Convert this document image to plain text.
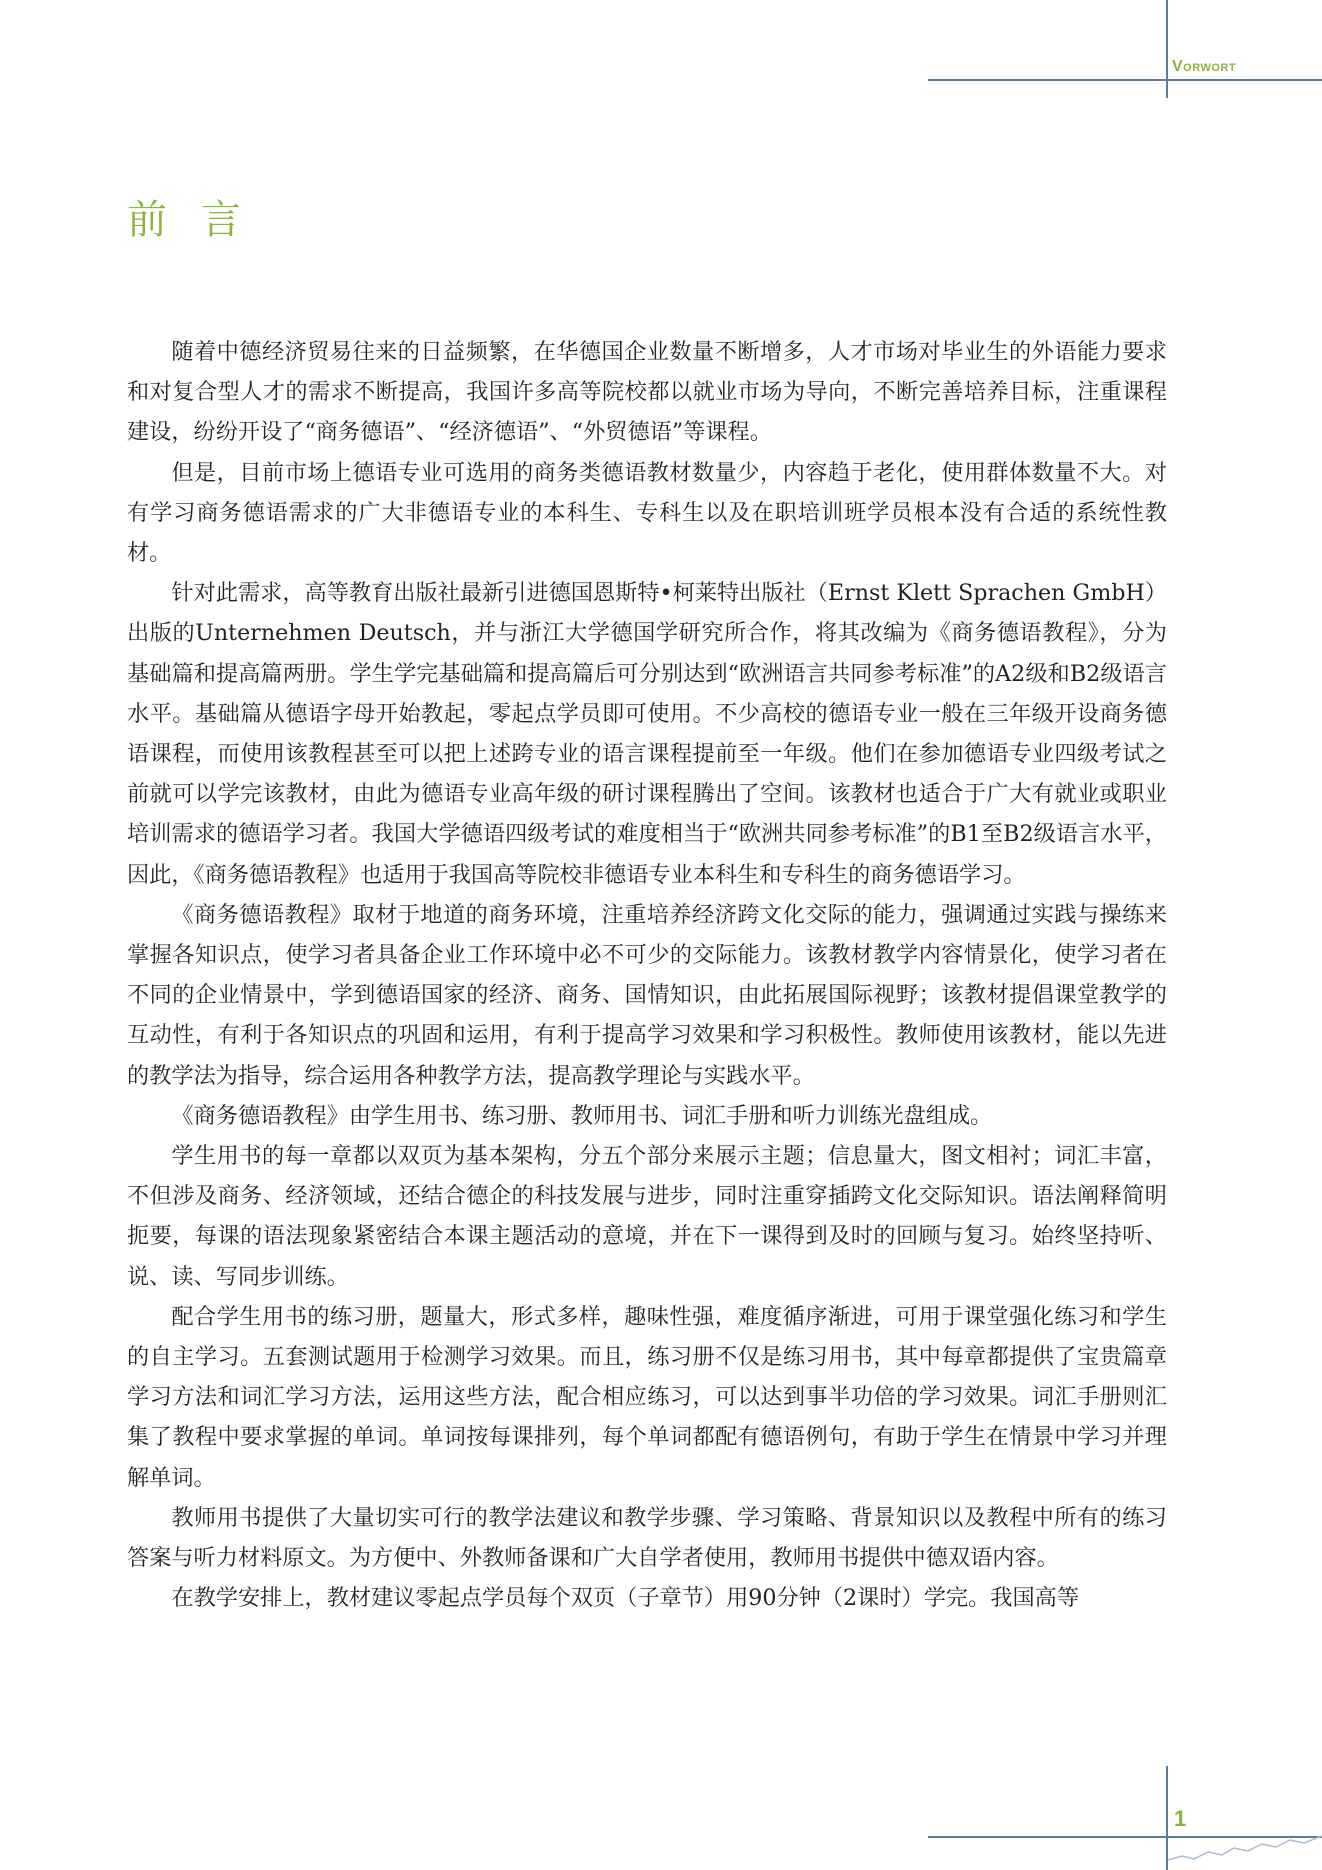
Vorwort

前言

随着中德经济贸易往来的日益频繁，在华德国企业数量不断增多，人才市场对毕业生的外语能力要求和对复合型人才的需求不断提高，我国许多高等院校都以就业市场为导向，不断完善培养目标，注重课程建设，纷纷开设了“商务德语”、“经济德语”、“外贸德语”等课程。

但是，目前市场上德语专业可选用的商务类德语教材数量少，内容趋于老化，使用群体数量不大。对有学习商务德语需求的广大非德语专业的本科生、专科生以及在职培训班学员根本没有合适的系统性教材。

针对此需求，高等教育出版社最新引进德国恩斯特•柯莱特出版社（Ernst Klett Sprachen GmbH）出版的Unternehmen Deutsch，并与浙江大学德国学研究所合作，将其改编为《商务德语教程》，分为基础篇和提高篇两册。学生学完基础篇和提高篇后可分别达到“欧洲语言共同参考标准”的A2级和B2级语言水平。基础篇从德语字母开始教起，零起点学员即可使用。不少高校的德语专业一般在三年级开设商务德语课程，而使用该教程甚至可以把上述跨专业的语言课程提前至一年级。他们在参加德语专业四级考试之前就可以学完该教材，由此为德语专业高年级的研讨课程腾出了空间。该教材也适合于广大有就业或职业培训需求的德语学习者。我国大学德语四级考试的难度相当于“欧洲共同参考标准”的B1至B2级语言水平，因此，《商务德语教程》也适用于我国高等院校非德语专业本科生和专科生的商务德语学习。

《商务德语教程》取材于地道的商务环境，注重培养经济跨文化交际的能力，强调通过实践与操练来掌握各知识点，使学习者具备企业工作环境中必不可少的交际能力。该教材教学内容情景化，使学习者在不同的企业情景中，学到德语国家的经济、商务、国情知识，由此拓展国际视野；该教材提倡课堂教学的互动性，有利于各知识点的巩固和运用，有利于提高学习效果和学习积极性。教师使用该教材，能以先进的教学法为指导，综合运用各种教学方法，提高教学理论与实践水平。

《商务德语教程》由学生用书、练习册、教师用书、词汇手册和听力训练光盘组成。

学生用书的每一章都以双页为基本架构，分五个部分来展示主题；信息量大，图文相衬；词汇丰富，不但涉及商务、经济领域，还结合德企的科技发展与进步，同时注重穿插跨文化交际知识。语法阐释简明扼要，每课的语法现象紧密结合本课主题活动的意境，并在下一课得到及时的回顾与复习。始终坚持听、说、读、写同步训练。

配合学生用书的练习册，题量大，形式多样，趣味性强，难度循序渐进，可用于课堂强化练习和学生的自主学习。五套测试题用于检测学习效果。而且，练习册不仅是练习用书，其中每章都提供了宝贵篇章学习方法和词汇学习方法，运用这些方法，配合相应练习，可以达到事半功倍的学习效果。词汇手册则汇集了教程中要求掌握的单词。单词按每课排列，每个单词都配有德语例句，有助于学生在情景中学习并理解单词。

教师用书提供了大量切实可行的教学法建议和教学步骤、学习策略、背景知识以及教程中所有的练习答案与听力材料原文。为方便中、外教师备课和广大自学者使用，教师用书提供中德双语内容。

在教学安排上，教材建议零起点学员每个双页（子章节）用90分钟（2课时）学完。我国高等

1
